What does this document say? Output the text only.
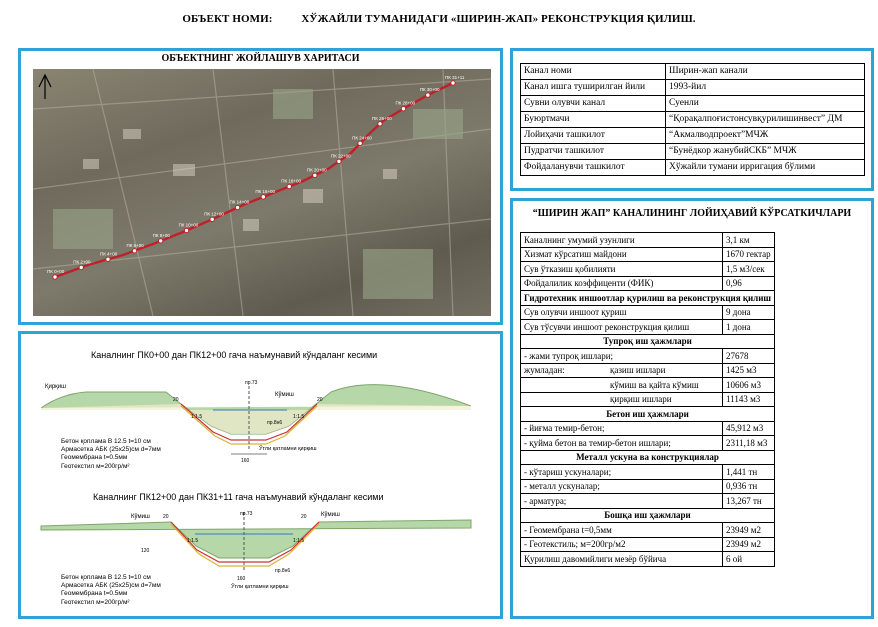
ОБЪЕКТ НОМИ:	ХЎЖАЙЛИ ТУМАНИДАГИ «ШИРИН-ЖАП» РЕКОНСТРУКЦИЯ ҚИЛИШ.
ОБЪЕКТНИНГ ЖОЙЛАШУВ ХАРИТАСИ
ПК 0+00
ПК 2+00
ПК 4+00
ПК 6+00
ПК 8+00
ПК 10+00
ПК 12+00
ПК 14+00
ПК 16+00
ПК 18+00
ПК 20+00
ПК 22+00
ПК 24+00
ПК 26+00
ПК 28+00
ПК 30+00
ПК 31+11
Каналнинг ПК0+00 дан ПК12+00 гача наъмунавий кўндаланг кесими
Қирқиш
Кўмиш
20	20
пр.73
1:1.5	1:1.5
160
пр.8н6
Бетон қоплама В 12.5 t=10 см
Армасетка АБК (25x25)см d=7мм
Геомембрана t=0.5мм
Геотекстил м=200гр/м²
Ўтли қатламни қирқиш
Каналнинг ПК12+00 дан ПК31+11 гача наъмунавий кўндаланг кесими
Кўмиш	Кўмиш
20	20
пр.73
1:1.5	1:1.5
120
160
пр.8н6
Бетон қоплама В 12.5 t=10 см
Армасетка АБК (25x25)см d=7мм
Геомембрана t=0.5мм
Геотекстил м=200гр/м²
Ўтли қатламни қирқиш
Канал номи	Ширин-жап канали
Канал ишга туширилган йили	1993-йил
Сувни олувчи канал	Суенли
Буюртмачи	“Қорақалпоғистонсувқурилишинвест” ДМ
Лойиҳачи ташкилот	“Акмалводпроект”МЧЖ
Пудратчи ташкилот	“Бунёдкор жанубийСКБ” МЧЖ
Фойдаланувчи ташкилот	Хўжайли тумани ирригация бўлими
“ШИРИН ЖАП” КАНАЛИНИНГ ЛОЙИҲАВИЙ КЎРСАТКИЧЛАРИ
Каналнинг умумий узунлиги	3,1 км
Хизмат кўрсатиш майдони	1670 гектар
Сув ўтказиш қобилияти	1,5 м3/сек
Фойдалилик коэффиценти (ФИК)	0,96
Гидротехник иншоотлар қурилиш ва реконструкция қилиш	
Сув олувчи иншоот қуриш	9 дона
Сув тўсувчи иншоот реконструкция қилиш	1 дона
Тупроқ иш ҳажмлари	
- жами тупроқ ишлари;	27678
жумладан: қазиш ишлари	1425 м3
кўмиш ва қайта кўмиш	10606 м3
қирқиш ишлари	11143 м3
Бетон иш ҳажмлари	
- йиғма темир-бетон;	45,912 м3
- қуйма бетон ва темир-бетон ишлари;	2311,18 м3
Металл ускуна ва конструкциялар	
- кўтариш ускуналари;	1,441 тн
- металл ускуналар;	0,936 тн
- арматура;	13,267 тн
Бошқа иш ҳажмлари	
- Геомембрана t=0,5мм	23949 м2
- Геотекстиль; м=200гр/м2	23949 м2
Қурилиш давомийлиги мезёр бўйича	6 ой
